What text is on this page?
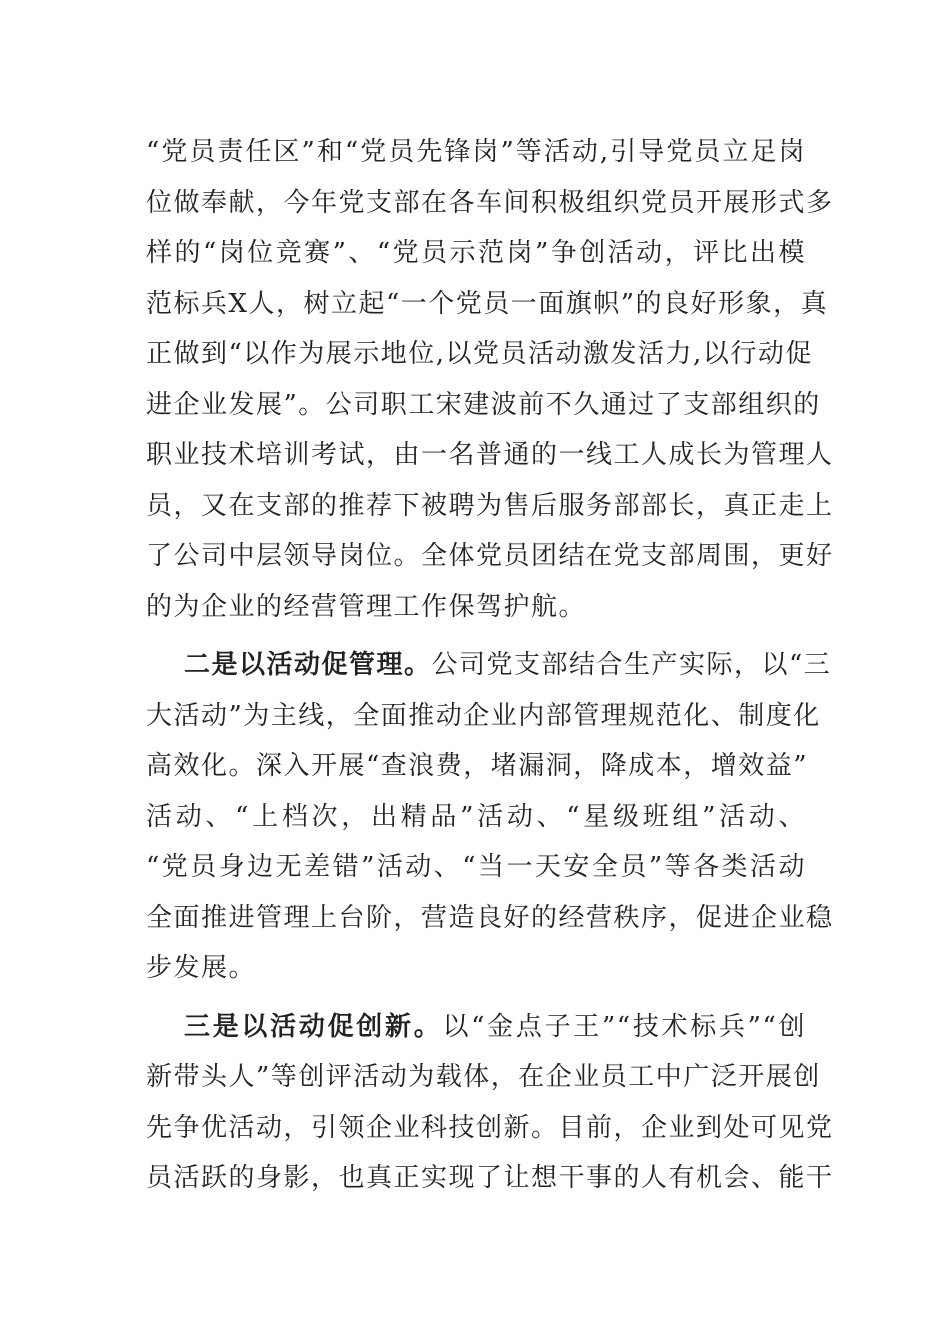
“党员责任区”和“党员先锋岗”等活动,引导党员立足岗
位做奉献，今年党支部在各车间积极组织党员开展形式多
样的“岗位竞赛”、“党员示范岗”争创活动，评比出模
范标兵X人，树立起“一个党员一面旗帜”的良好形象，真
正做到“以作为展示地位,以党员活动激发活力,以行动促
进企业发展”。公司职工宋建波前不久通过了支部组织的
职业技术培训考试，由一名普通的一线工人成长为管理人
员，又在支部的推荐下被聘为售后服务部部长，真正走上
了公司中层领导岗位。全体党员团结在党支部周围，更好
的为企业的经营管理工作保驾护航。

二是以活动促管理。公司党支部结合生产实际，以“三
大活动”为主线，全面推动企业内部管理规范化、制度化
高效化。深入开展“查浪费，堵漏洞，降成本，增效益”
活动、“上档次，出精品”活动、“星级班组”活动、
“党员身边无差错”活动、“当一天安全员”等各类活动
全面推进管理上台阶，营造良好的经营秩序，促进企业稳
步发展。

三是以活动促创新。以“金点子王”“技术标兵”“创
新带头人”等创评活动为载体，在企业员工中广泛开展创
先争优活动，引领企业科技创新。目前，企业到处可见党
员活跃的身影，也真正实现了让想干事的人有机会、能干
